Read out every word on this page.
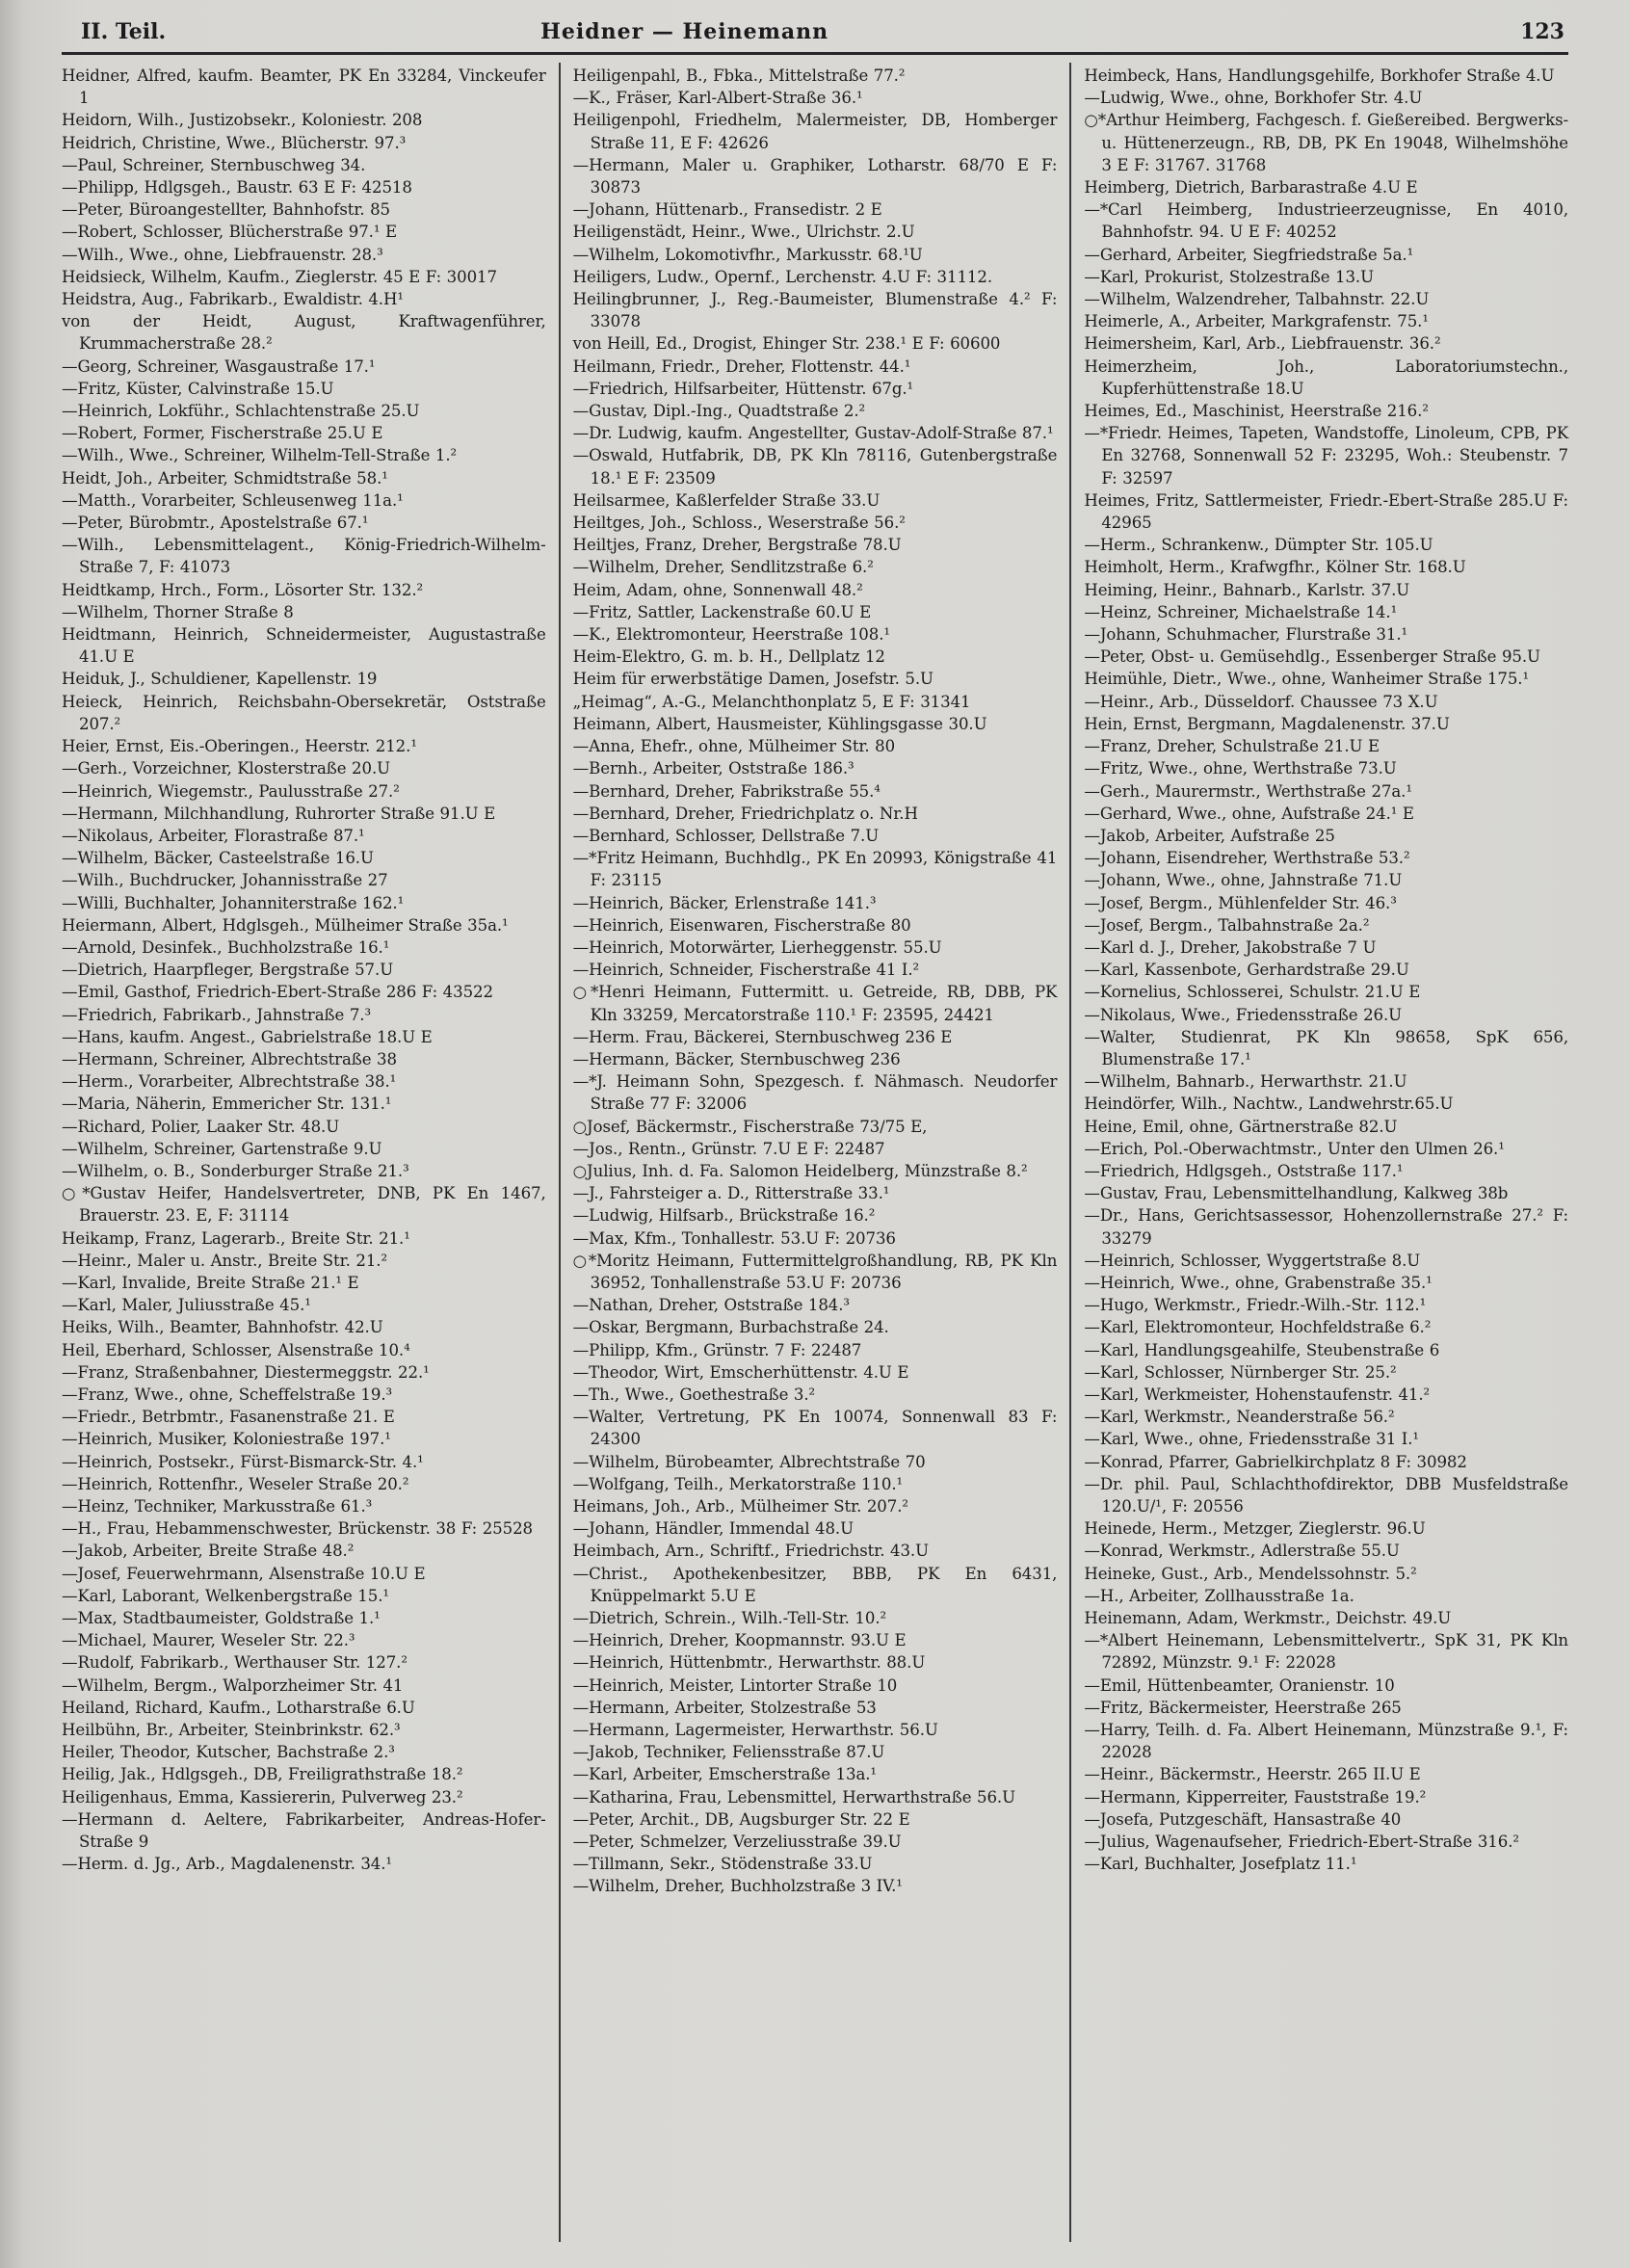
II. Teil.	Heidner — Heinemann	123
Heidner, Alfred, kaufm. Beamter, PK En 33284, Vinckeufer 1
Heidorn, Wilh., Justizobsekr., Koloniestr. 208
Heidrich, Christine, Wwe., Blücherstr. 97.³
—Paul, Schreiner, Sternbuschweg 34.
—Philipp, Hdlgsgeh., Baustr. 63 E F: 42518
—Peter, Büroangestellter, Bahnhofstr. 85
—Robert, Schlosser, Blücherstraße 97.¹ E
—Wilh., Wwe., ohne, Liebfrauenstr. 28.³
Heidsieck, Wilhelm, Kaufm., Zieglerstr. 45 E F: 30017
Heidstra, Aug., Fabrikarb., Ewaldistr. 4.H¹
von der Heidt, August, Kraftwagenführer, Krummacherstraße 28.²
—Georg, Schreiner, Wasgaustraße 17.¹
—Fritz, Küster, Calvinstraße 15.U
—Heinrich, Lokführ., Schlachtenstraße 25.U
—Robert, Former, Fischerstraße 25.U E
—Wilh., Wwe., Schreiner, Wilhelm-Tell-Straße 1.²
Heidt, Joh., Arbeiter, Schmidtstraße 58.¹
—Matth., Vorarbeiter, Schleusenweg 11a.¹
—Peter, Bürobmtr., Apostelstraße 67.¹
—Wilh., Lebensmittelagent., König-Friedrich-Wilhelm-Straße 7, F: 41073
Heidtkamp, Hrch., Form., Lösorter Str. 132.²
—Wilhelm, Thorner Straße 8
Heidtmann, Heinrich, Schneidermeister, Augustastraße 41.U E
Heiduk, J., Schuldiener, Kapellenstr. 19
Heieck, Heinrich, Reichsbahn-Obersekretär, Oststraße 207.²
Heier, Ernst, Eis.-Oberingen., Heerstr. 212.¹
—Gerh., Vorzeichner, Klosterstraße 20.U
—Heinrich, Wiegemstr., Paulusstraße 27.²
—Hermann, Milchhandlung, Ruhrorter Straße 91.U E
—Nikolaus, Arbeiter, Florastraße 87.¹
—Wilhelm, Bäcker, Casteelstraße 16.U
—Wilh., Buchdrucker, Johannisstraße 27
—Willi, Buchhalter, Johanniterstraße 162.¹
Heiermann, Albert, Hdglsgeh., Mülheimer Straße 35a.¹
—Arnold, Desinfek., Buchholzstraße 16.¹
—Dietrich, Haarpfleger, Bergstraße 57.U
—Emil, Gasthof, Friedrich-Ebert-Straße 286 F: 43522
—Friedrich, Fabrikarb., Jahnstraße 7.³
—Hans, kaufm. Angest., Gabrielstraße 18.U E
—Hermann, Schreiner, Albrechtstraße 38
—Herm., Vorarbeiter, Albrechtstraße 38.¹
—Maria, Näherin, Emmericher Str. 131.¹
—Richard, Polier, Laaker Str. 48.U
—Wilhelm, Schreiner, Gartenstraße 9.U
—Wilhelm, o. B., Sonderburger Straße 21.³
○*Gustav Heifer, Handelsvertreter, DNB, PK En 1467, Brauerstr. 23. E, F: 31114
Heikamp, Franz, Lagerarb., Breite Str. 21.¹
—Heinr., Maler u. Anstr., Breite Str. 21.²
—Karl, Invalide, Breite Straße 21.¹ E
—Karl, Maler, Juliusstraße 45.¹
Heiks, Wilh., Beamter, Bahnhofstr. 42.U
Heil, Eberhard, Schlosser, Alsenstraße 10.⁴
—Franz, Straßenbahner, Diestermeggstr. 22.¹
—Franz, Wwe., ohne, Scheffelstraße 19.³
—Friedr., Betrbmtr., Fasanenstraße 21. E
—Heinrich, Musiker, Koloniestraße 197.¹
—Heinrich, Postsekr., Fürst-Bismarck-Str. 4.¹
—Heinrich, Rottenfhr., Weseler Straße 20.²
—Heinz, Techniker, Markusstraße 61.³
—H., Frau, Hebammenschwester, Brückenstr. 38 F: 25528
—Jakob, Arbeiter, Breite Straße 48.²
—Josef, Feuerwehrmann, Alsenstraße 10.U E
—Karl, Laborant, Welkenbergstraße 15.¹
—Max, Stadtbaumeister, Goldstraße 1.¹
—Michael, Maurer, Weseler Str. 22.³
—Rudolf, Fabrikarb., Werthauser Str. 127.²
—Wilhelm, Bergm., Walporzheimer Str. 41
Heiland, Richard, Kaufm., Lotharstraße 6.U
Heilbühn, Br., Arbeiter, Steinbrinkstr. 62.³
Heiler, Theodor, Kutscher, Bachstraße 2.³
Heilig, Jak., Hdlgsgeh., DB, Freiligrathstraße 18.²
Heiligenhaus, Emma, Kassiererin, Pulverweg 23.²
—Hermann d. Aeltere, Fabrikarbeiter, Andreas-Hofer-Straße 9
—Herm. d. Jg., Arb., Magdalenenstr. 34.¹
Heiligenpahl, B., Fbka., Mittelstraße 77.²
—K., Fräser, Karl-Albert-Straße 36.¹
Heiligenpohl, Friedhelm, Malermeister, DB, Homberger Straße 11, E F: 42626
—Hermann, Maler u. Graphiker, Lotharstr. 68/70 E F: 30873
—Johann, Hüttenarb., Fransedistr. 2 E
Heiligenstädt, Heinr., Wwe., Ulrichstr. 2.U
—Wilhelm, Lokomotivfhr., Markusstr. 68.¹U
Heiligers, Ludw., Opernf., Lerchenstr. 4.U F: 31112.
Heilingbrunner, J., Reg.-Baumeister, Blumenstraße 4.² F: 33078
von Heill, Ed., Drogist, Ehinger Str. 238.¹ E F: 60600
Heilmann, Friedr., Dreher, Flottenstr. 44.¹
—Friedrich, Hilfsarbeiter, Hüttenstr. 67g.¹
—Gustav, Dipl.-Ing., Quadtstraße 2.²
—Dr. Ludwig, kaufm. Angestellter, Gustav-Adolf-Straße 87.¹
—Oswald, Hutfabrik, DB, PK Kln 78116, Gutenbergstraße 18.¹ E F: 23509
Heilsarmee, Kaßlerfelder Straße 33.U
Heiltges, Joh., Schloss., Weserstraße 56.²
Heiltjes, Franz, Dreher, Bergstraße 78.U
—Wilhelm, Dreher, Sendlitzstraße 6.²
Heim, Adam, ohne, Sonnenwall 48.²
—Fritz, Sattler, Lackenstraße 60.U E
—K., Elektromonteur, Heerstraße 108.¹
Heim-Elektro, G. m. b. H., Dellplatz 12
Heim für erwerbstätige Damen, Josefstr. 5.U
„Heimag“, A.-G., Melanchthonplatz 5, E F: 31341
Heimann, Albert, Hausmeister, Kühlingsgasse 30.U
—Anna, Ehefr., ohne, Mülheimer Str. 80
—Bernh., Arbeiter, Oststraße 186.³
—Bernhard, Dreher, Fabrikstraße 55.⁴
—Bernhard, Dreher, Friedrichplatz o. Nr.H
—Bernhard, Schlosser, Dellstraße 7.U
—*Fritz Heimann, Buchhdlg., PK En 20993, Königstraße 41 F: 23115
—Heinrich, Bäcker, Erlenstraße 141.³
—Heinrich, Eisenwaren, Fischerstraße 80
—Heinrich, Motorwärter, Lierheggenstr. 55.U
—Heinrich, Schneider, Fischerstraße 41 I.²
○*Henri Heimann, Futtermitt. u. Getreide, RB, DBB, PK Kln 33259, Mercatorstraße 110.¹ F: 23595, 24421
—Herm. Frau, Bäckerei, Sternbuschweg 236 E
—Hermann, Bäcker, Sternbuschweg 236
—*J. Heimann Sohn, Spezgesch. f. Nähmasch. Neudorfer Straße 77 F: 32006
○Josef, Bäckermstr., Fischerstraße 73/75 E,
—Jos., Rentn., Grünstr. 7.U E F: 22487
○Julius, Inh. d. Fa. Salomon Heidelberg, Münzstraße 8.²
—J., Fahrsteiger a. D., Ritterstraße 33.¹
—Ludwig, Hilfsarb., Brückstraße 16.²
—Max, Kfm., Tonhallestr. 53.U F: 20736
○*Moritz Heimann, Futtermittelgroßhandlung, RB, PK Kln 36952, Tonhallenstraße 53.U F: 20736
—Nathan, Dreher, Oststraße 184.³
—Oskar, Bergmann, Burbachstraße 24.
—Philipp, Kfm., Grünstr. 7 F: 22487
—Theodor, Wirt, Emscherhüttenstr. 4.U E
—Th., Wwe., Goethestraße 3.²
—Walter, Vertretung, PK En 10074, Sonnenwall 83 F: 24300
—Wilhelm, Bürobeamter, Albrechtstraße 70
—Wolfgang, Teilh., Merkatorstraße 110.¹
Heimans, Joh., Arb., Mülheimer Str. 207.²
—Johann, Händler, Immendal 48.U
Heimbach, Arn., Schriftf., Friedrichstr. 43.U
—Christ., Apothekenbesitzer, BBB, PK En 6431, Knüppelmarkt 5.U E
—Dietrich, Schrein., Wilh.-Tell-Str. 10.²
—Heinrich, Dreher, Koopmannstr. 93.U E
—Heinrich, Hüttenbmtr., Herwarthstr. 88.U
—Heinrich, Meister, Lintorter Straße 10
—Hermann, Arbeiter, Stolzestraße 53
—Hermann, Lagermeister, Herwarthstr. 56.U
—Jakob, Techniker, Feliensstraße 87.U
—Karl, Arbeiter, Emscherstraße 13a.¹
—Katharina, Frau, Lebensmittel, Herwarthstraße 56.U
—Peter, Archit., DB, Augsburger Str. 22 E
—Peter, Schmelzer, Verzeliusstraße 39.U
—Tillmann, Sekr., Stödenstraße 33.U
—Wilhelm, Dreher, Buchholzstraße 3 IV.¹
Heimbeck, Hans, Handlungsgehilfe, Borkhofer Straße 4.U
—Ludwig, Wwe., ohne, Borkhofer Str. 4.U
○*Arthur Heimberg, Fachgesch. f. Gießereibed. Bergwerks- u. Hüttenerzeugn., RB, DB, PK En 19048, Wilhelmshöhe 3 E F: 31767. 31768
Heimberg, Dietrich, Barbarastraße 4.U E
—*Carl Heimberg, Industrieerzeugnisse, En 4010, Bahnhofstr. 94. U E F: 40252
—Gerhard, Arbeiter, Siegfriedstraße 5a.¹
—Karl, Prokurist, Stolzestraße 13.U
—Wilhelm, Walzendreher, Talbahnstr. 22.U
Heimerle, A., Arbeiter, Markgrafenstr. 75.¹
Heimersheim, Karl, Arb., Liebfrauenstr. 36.²
Heimerzheim, Joh., Laboratoriumstechn., Kupferhüttenstraße 18.U
Heimes, Ed., Maschinist, Heerstraße 216.²
—*Friedr. Heimes, Tapeten, Wandstoffe, Linoleum, CPB, PK En 32768, Sonnenwall 52 F: 23295, Woh.: Steubenstr. 7 F: 32597
Heimes, Fritz, Sattlermeister, Friedr.-Ebert-Straße 285.U F: 42965
—Herm., Schrankenw., Dümpter Str. 105.U
Heimholt, Herm., Krafwgfhr., Kölner Str. 168.U
Heiming, Heinr., Bahnarb., Karlstr. 37.U
—Heinz, Schreiner, Michaelstraße 14.¹
—Johann, Schuhmacher, Flurstraße 31.¹
—Peter, Obst- u. Gemüsehdlg., Essenberger Straße 95.U
Heimühle, Dietr., Wwe., ohne, Wanheimer Straße 175.¹
—Heinr., Arb., Düsseldorf. Chaussee 73 X.U
Hein, Ernst, Bergmann, Magdalenenstr. 37.U
—Franz, Dreher, Schulstraße 21.U E
—Fritz, Wwe., ohne, Werthstraße 73.U
—Gerh., Maurermstr., Werthstraße 27a.¹
—Gerhard, Wwe., ohne, Aufstraße 24.¹ E
—Jakob, Arbeiter, Aufstraße 25
—Johann, Eisendreher, Werthstraße 53.²
—Johann, Wwe., ohne, Jahnstraße 71.U
—Josef, Bergm., Mühlenfelder Str. 46.³
—Josef, Bergm., Talbahnstraße 2a.²
—Karl d. J., Dreher, Jakobstraße 7 U
—Karl, Kassenbote, Gerhardstraße 29.U
—Kornelius, Schlosserei, Schulstr. 21.U E
—Nikolaus, Wwe., Friedensstraße 26.U
—Walter, Studienrat, PK Kln 98658, SpK 656, Blumenstraße 17.¹
—Wilhelm, Bahnarb., Herwarthstr. 21.U
Heindörfer, Wilh., Nachtw., Landwehrstr.65.U
Heine, Emil, ohne, Gärtnerstraße 82.U
—Erich, Pol.-Oberwachtmstr., Unter den Ulmen 26.¹
—Friedrich, Hdlgsgeh., Oststraße 117.¹
—Gustav, Frau, Lebensmittelhandlung, Kalkweg 38b
—Dr., Hans, Gerichtsassessor, Hohenzollernstraße 27.² F: 33279
—Heinrich, Schlosser, Wyggertstraße 8.U
—Heinrich, Wwe., ohne, Grabenstraße 35.¹
—Hugo, Werkmstr., Friedr.-Wilh.-Str. 112.¹
—Karl, Elektromonteur, Hochfeldstraße 6.²
—Karl, Handlungsgeahilfe, Steubenstraße 6
—Karl, Schlosser, Nürnberger Str. 25.²
—Karl, Werkmeister, Hohenstaufenstr. 41.²
—Karl, Werkmstr., Neanderstraße 56.²
—Karl, Wwe., ohne, Friedensstraße 31 I.¹
—Konrad, Pfarrer, Gabrielkirchplatz 8 F: 30982
—Dr. phil. Paul, Schlachthofdirektor, DBB Musfeldstraße 120.U/¹, F: 20556
Heinede, Herm., Metzger, Zieglerstr. 96.U
—Konrad, Werkmstr., Adlerstraße 55.U
Heineke, Gust., Arb., Mendelssohnstr. 5.²
—H., Arbeiter, Zollhausstraße 1a.
Heinemann, Adam, Werkmstr., Deichstr. 49.U
—*Albert Heinemann, Lebensmittelvertr., SpK 31, PK Kln 72892, Münzstr. 9.¹ F: 22028
—Emil, Hüttenbeamter, Oranienstr. 10
—Fritz, Bäckermeister, Heerstraße 265
—Harry, Teilh. d. Fa. Albert Heinemann, Münzstraße 9.¹, F: 22028
—Heinr., Bäckermstr., Heerstr. 265 II.U E
—Hermann, Kipperreiter, Fauststraße 19.²
—Josefa, Putzgeschäft, Hansastraße 40
—Julius, Wagenaufseher, Friedrich-Ebert-Straße 316.²
—Karl, Buchhalter, Josefplatz 11.¹
